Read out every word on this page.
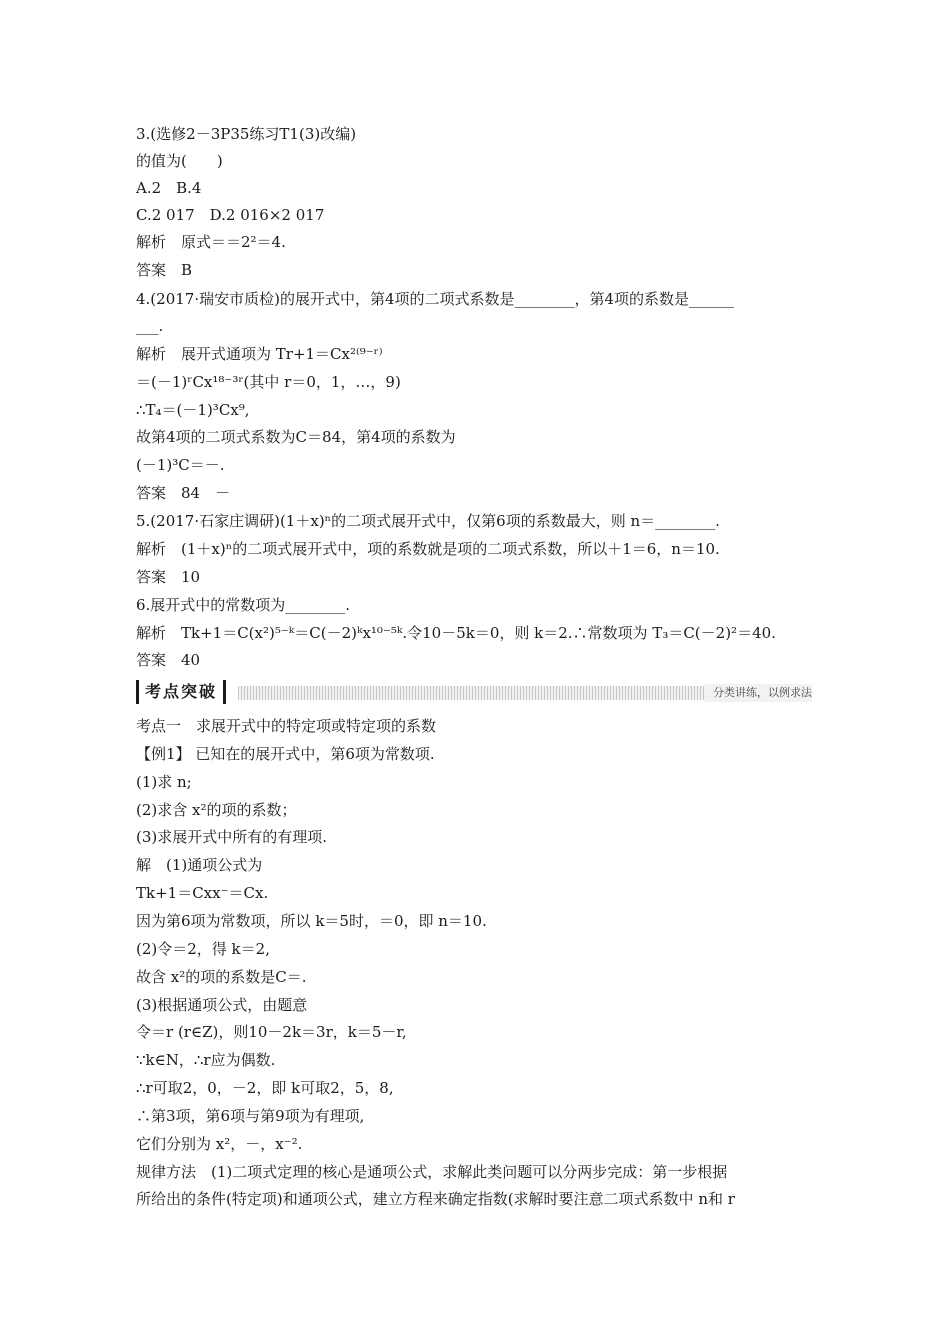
3.(选修2－3P35练习T1(3)改编)
的值为(　　)
A.2　B.4
C.2 017　D.2 016×2 017
解析　原式＝＝2²＝4.
答案　B
4.(2017·瑞安市质检)的展开式中，第4项的二项式系数是________，第4项的系数是______
___.
解析　展开式通项为 Tr+1＝Cx²⁽⁹⁻ʳ⁾
＝(－1)ʳCx¹⁸⁻³ʳ(其中 r＝0，1，…，9)
∴T₄＝(－1)³Cx⁹,
故第4项的二项式系数为C＝84，第4项的系数为
(－1)³C＝－.
答案　84　－
5.(2017·石家庄调研)(1＋x)ⁿ的二项式展开式中，仅第6项的系数最大，则 n＝________.
解析　(1＋x)ⁿ的二项式展开式中，项的系数就是项的二项式系数，所以＋1＝6，n＝10.
答案　10
6.展开式中的常数项为________.
解析　Tk+1＝C(x²)⁵⁻ᵏ＝C(－2)ᵏx¹⁰⁻⁵ᵏ.令10－5k＝0，则 k＝2.∴常数项为 T₃＝C(－2)²＝40.
答案　40
考点突破	分类讲练，以例求法
考点一　求展开式中的特定项或特定项的系数
【例1】 已知在的展开式中，第6项为常数项.
(1)求 n;
(2)求含 x²的项的系数；
(3)求展开式中所有的有理项.
解　(1)通项公式为
Tk+1＝Cxx⁻＝Cx.
因为第6项为常数项，所以 k＝5时，＝0，即 n＝10.
(2)令＝2，得 k＝2,
故含 x²的项的系数是C＝.
(3)根据通项公式，由题意
令＝r (r∈Z)，则10－2k＝3r，k＝5－r,
∵k∈N，∴r应为偶数.
∴r可取2，0，－2，即 k可取2，5，8,
∴第3项，第6项与第9项为有理项,
它们分别为 x²，－，x⁻².
规律方法　(1)二项式定理的核心是通项公式，求解此类问题可以分两步完成：第一步根据
所给出的条件(特定项)和通项公式，建立方程来确定指数(求解时要注意二项式系数中 n和 r
